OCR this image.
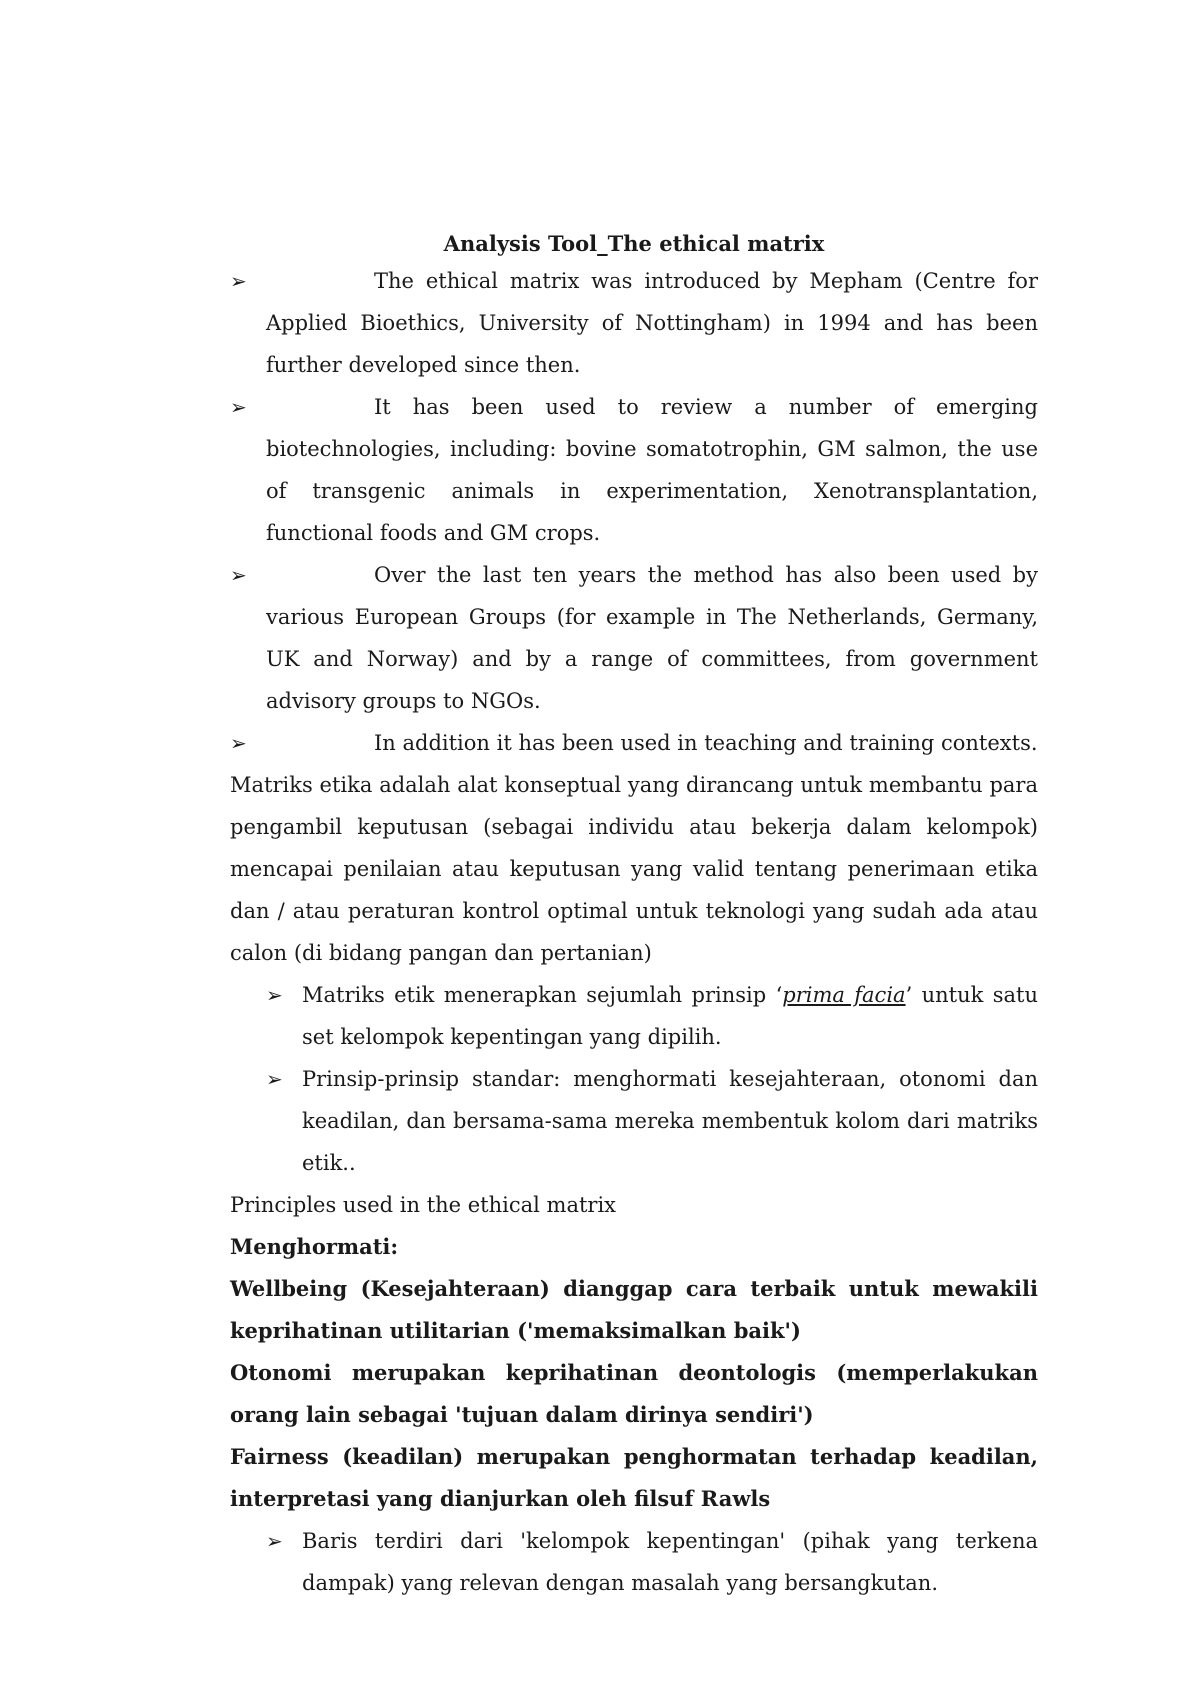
Analysis Tool_The ethical matrix
➢	The ethical matrix was introduced by Mepham (Centre for Applied Bioethics, University of Nottingham) in 1994 and has been further developed since then.
➢	It has been used to review a number of emerging biotechnologies, including: bovine somatotrophin, GM salmon, the use of transgenic animals in experimentation, Xenotransplantation, functional foods and GM crops.
➢	Over the last ten years the method has also been used by various European Groups (for example in The Netherlands, Germany, UK and Norway) and by a range of committees, from government advisory groups to NGOs.
➢	In addition it has been used in teaching and training contexts.

Matriks etika adalah alat konseptual yang dirancang untuk membantu para pengambil keputusan (sebagai individu atau bekerja dalam kelompok) mencapai penilaian atau keputusan yang valid tentang penerimaan etika dan / atau peraturan kontrol optimal untuk teknologi yang sudah ada atau calon (di bidang pangan dan pertanian)

➢ Matriks etik menerapkan sejumlah prinsip ‘prima facia’ untuk satu set kelompok kepentingan yang dipilih.
➢ Prinsip-prinsip standar: menghormati kesejahteraan, otonomi dan keadilan, dan bersama-sama mereka membentuk kolom dari matriks etik..

Principles used in the ethical matrix

Menghormati:

Wellbeing (Kesejahteraan) dianggap cara terbaik untuk mewakili keprihatinan utilitarian ('memaksimalkan baik')

Otonomi merupakan keprihatinan deontologis (memperlakukan orang lain sebagai 'tujuan dalam dirinya sendiri')

Fairness (keadilan) merupakan penghormatan terhadap keadilan, interpretasi yang dianjurkan oleh filsuf Rawls

➢ Baris terdiri dari 'kelompok kepentingan' (pihak yang terkena dampak) yang relevan dengan masalah yang bersangkutan.
